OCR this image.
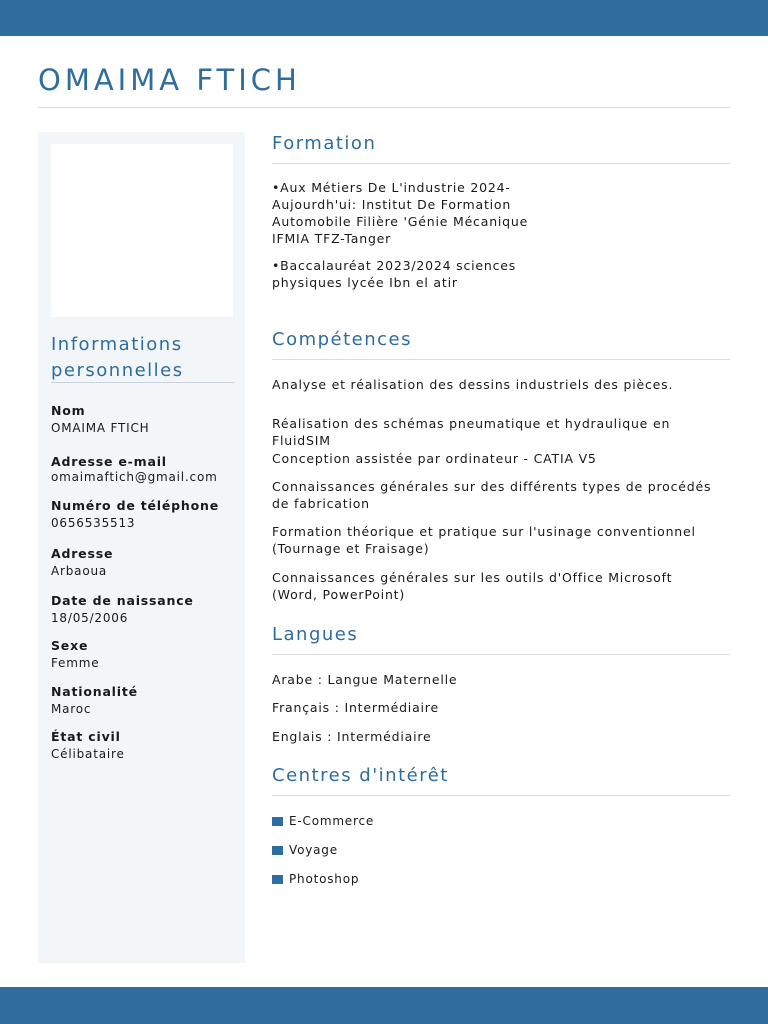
OMAIMA FTICH
Informations personnelles
Nom
OMAIMA FTICH
Adresse e-mail
omaimaftich@gmail.com
Numéro de téléphone
0656535513
Adresse
Arbaoua
Date de naissance
18/05/2006
Sexe
Femme
Nationalité
Maroc
État civil
Célibataire
Formation

•Aux Métiers De L'industrie 2024- Aujourdh'ui: Institut De Formation Automobile Filière 'Génie Mécanique IFMIA TFZ-Tanger

•Baccalauréat 2023/2024 sciences physiques lycée Ibn el atir

Compétences

Analyse et réalisation des dessins industriels des pièces.

Réalisation des schémas pneumatique et hydraulique en FluidSIM

Conception assistée par ordinateur - CATIA V5

Connaissances générales sur des différents types de procédés de fabrication

Formation théorique et pratique sur l'usinage conventionnel (Tournage et Fraisage)

Connaissances générales sur les outils d'Office Microsoft (Word, PowerPoint)

Langues

Arabe : Langue Maternelle

Français : Intermédiaire

Englais : Intermédiaire

Centres d'intérêt
E-Commerce
Voyage
Photoshop
